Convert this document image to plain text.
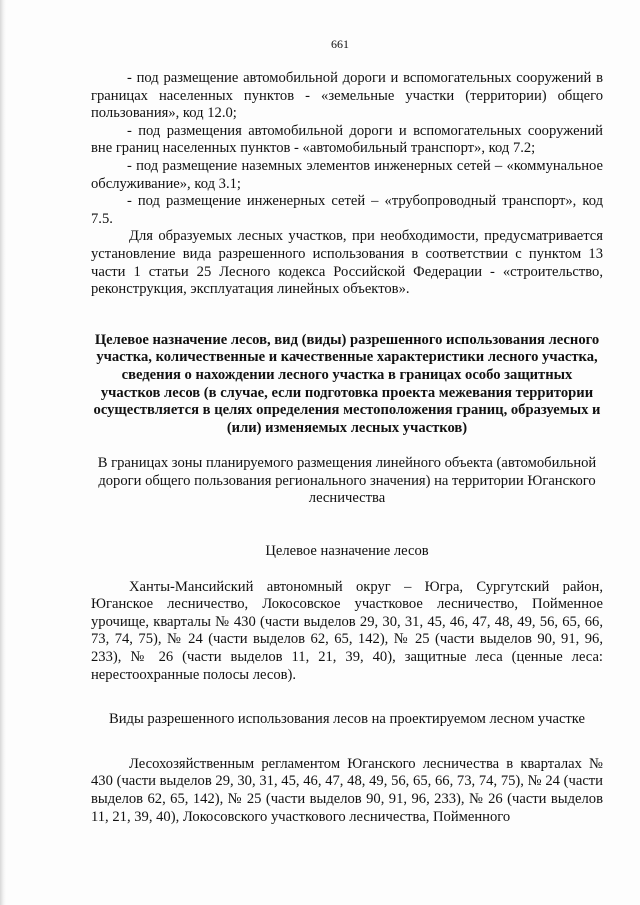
661

- под размещение автомобильной дороги и вспомогательных сооружений в границах населенных пунктов - «земельные участки (территории) общего пользования», код 12.0;

- под размещения автомобильной дороги и вспомогательных сооружений вне границ населенных пунктов - «автомобильный транспорт», код 7.2;

- под размещение наземных элементов инженерных сетей – «коммунальное обслуживание», код 3.1;

- под размещение инженерных сетей – «трубопроводный транспорт», код 7.5.

Для образуемых лесных участков, при необходимости, предусматривается установление вида разрешенного использования в соответствии с пунктом 13 части 1 статьи 25 Лесного кодекса Российской Федерации - «строительство, реконструкция, эксплуатация линейных объектов».

Целевое назначение лесов, вид (виды) разрешенного использования лесного участка, количественные и качественные характеристики лесного участка, сведения о нахождении лесного участка в границах особо защитных участков лесов (в случае, если подготовка проекта межевания территории осуществляется в целях определения местоположения границ, образуемых и (или) изменяемых лесных участков)

В границах зоны планируемого размещения линейного объекта (автомобильной дороги общего пользования регионального значения) на территории Юганского лесничества

Целевое назначение лесов

Ханты-Мансийский автономный округ – Югра, Сургутский район, Юганское лесничество, Локосовское участковое лесничество, Пойменное урочище, кварталы № 430 (части выделов 29, 30, 31, 45, 46, 47, 48, 49, 56, 65, 66, 73, 74, 75), № 24 (части выделов 62, 65, 142), № 25 (части выделов 90, 91, 96, 233), № 26 (части выделов 11, 21, 39, 40), защитные леса (ценные леса: нерестоохранные полосы лесов).

Виды разрешенного использования лесов на проектируемом лесном участке

Лесохозяйственным регламентом Юганского лесничества в кварталах № 430 (части выделов 29, 30, 31, 45, 46, 47, 48, 49, 56, 65, 66, 73, 74, 75), № 24 (части выделов 62, 65, 142), № 25 (части выделов 90, 91, 96, 233), № 26 (части выделов 11, 21, 39, 40), Локосовского участкового лесничества, Пойменного
